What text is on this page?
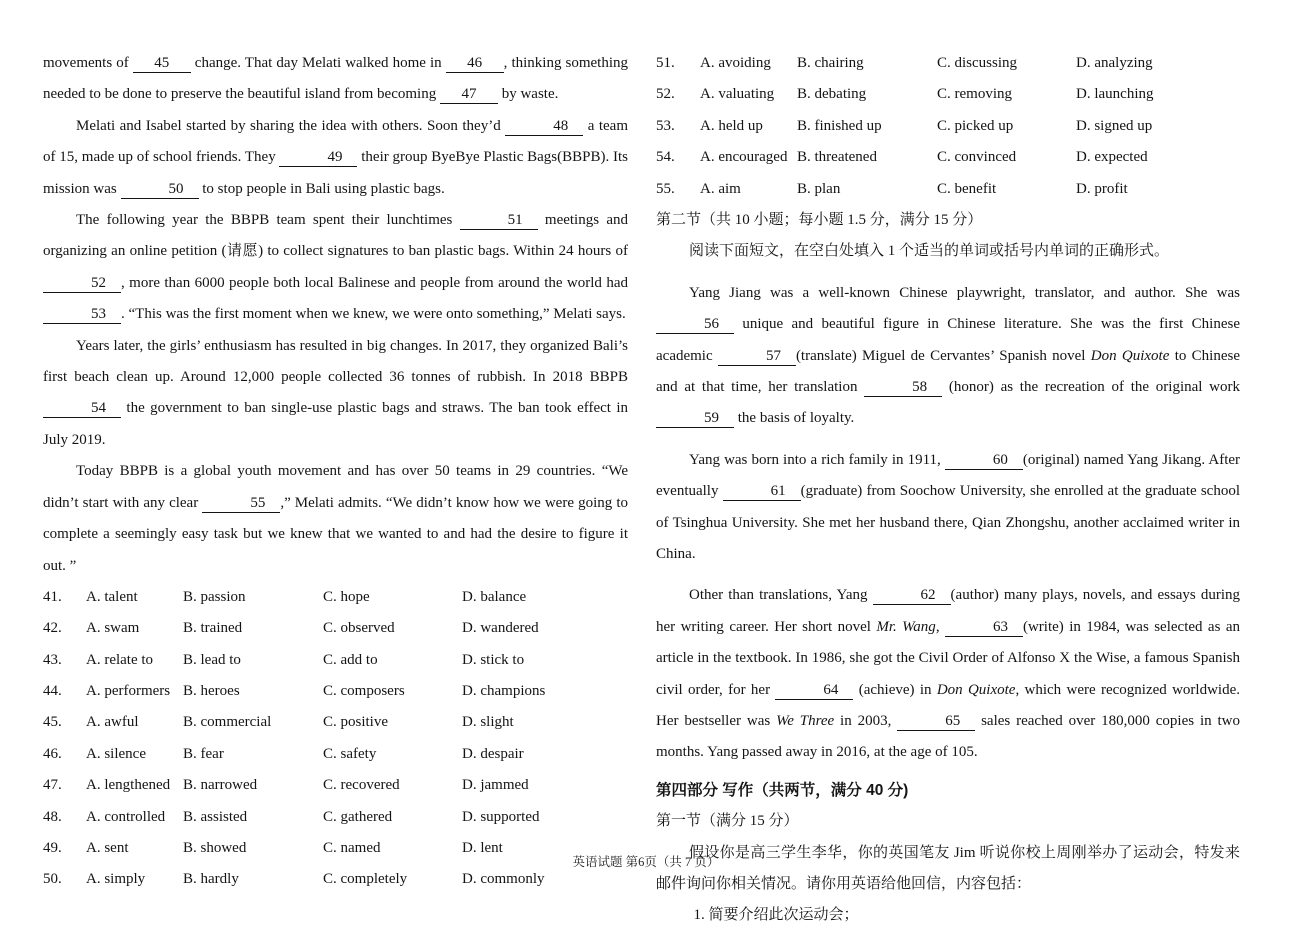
movements of 45 change. That day Melati walked home in 46 , thinking something needed to be done to preserve the beautiful island from becoming 47 by waste.

Melati and Isabel started by sharing the idea with others. Soon they’d	48 a team of 15, made up of school friends. They	49 their group ByeBye Plastic Bags(BBPB). Its mission was	50 to stop people in Bali using plastic bags.

The following year the BBPB team spent their lunchtimes	51 meetings and organizing an online petition (请愿) to collect signatures to ban plastic bags. Within 24 hours of 52 , more than 6000 people both local Balinese and people from around the world had 53 . “This was the first moment when we knew, we were onto something,” Melati says.

Years later, the girls’ enthusiasm has resulted in big changes. In 2017, they organized Bali’s first beach clean up. Around 12,000 people collected 36 tonnes of rubbish. In 2018 BBPB 54 the government to ban single-use plastic bags and straws. The ban took effect in July 2019.

Today BBPB is a global youth movement and has over 50 teams in 29 countries. “We didn’t start with any clear	55 ,” Melati admits. “We didn’t know how we were going to complete a seemingly easy task but we knew that we wanted to and had the desire to figure it out. ”

41.	A. talent	B. passion	C. hope	D. balance
42.	A. swam	B. trained	C. observed	D. wandered
43.	A. relate to	B. lead to	C. add to	D. stick to
44.	A. performers B. heroes	C. composers	D. champions
45.	A. awful	B. commercial	C. positive	D. slight
46.	A. silence	B. fear	C. safety	D. despair
47.	A. lengthened B. narrowed	C. recovered	D. jammed
48.	A. controlled	B. assisted	C. gathered	D. supported
49.	A. sent	B. showed	C. named	D. lent
50.	A. simply	B. hardly	C. completely	D. commonly
51.	A. avoiding	B. chairing	C. discussing	D. analyzing
52.	A. valuating	B. debating	C. removing	D. launching
53.	A. held up	B. finished up	C. picked up	D. signed up
54.	A. encouraged B. threatened	C. convinced	D. expected
55.	A. aim	B. plan	C. benefit	D. profit

第二节（共 10 小题；每小题 1.5 分，满分 15 分）

阅读下面短文，在空白处填入 1 个适当的单词或括号内单词的正确形式。

Yang Jiang was a well-known Chinese playwright, translator, and author. She was 56 unique and beautiful figure in Chinese literature. She was the first Chinese academic	57 (translate) Miguel de Cervantes’ Spanish novel Don Quixote to Chinese and at that time, her translation	58 (honor) as the recreation of the original work 59 the basis of loyalty.

Yang was born into a rich family in 1911,	60 (original) named Yang Jikang. After eventually	61 (graduate) from Soochow University, she enrolled at the graduate school of Tsinghua University. She met her husband there, Qian Zhongshu, another acclaimed writer in China.

Other than translations, Yang	62 (author) many plays, novels, and essays during her writing career. Her short novel Mr. Wang,	63 (write) in 1984, was selected as an article in the textbook. In 1986, she got the Civil Order of Alfonso X the Wise, a famous Spanish civil order, for her	64 (achieve) in Don Quixote, which were recognized worldwide. Her bestseller was We Three in 2003,	65 sales reached over 180,000 copies in two months. Yang passed away in 2016, at the age of 105.

第四部分 写作（共两节，满分 40 分)

第一节（满分 15 分）

假设你是高三学生李华，你的英国笔友 Jim 听说你校上周刚举办了运动会，特发来邮件询问你相关情况。请你用英语给他回信，内容包括：

1. 简要介绍此次运动会；

英语试题 第6页（共 7 页）
